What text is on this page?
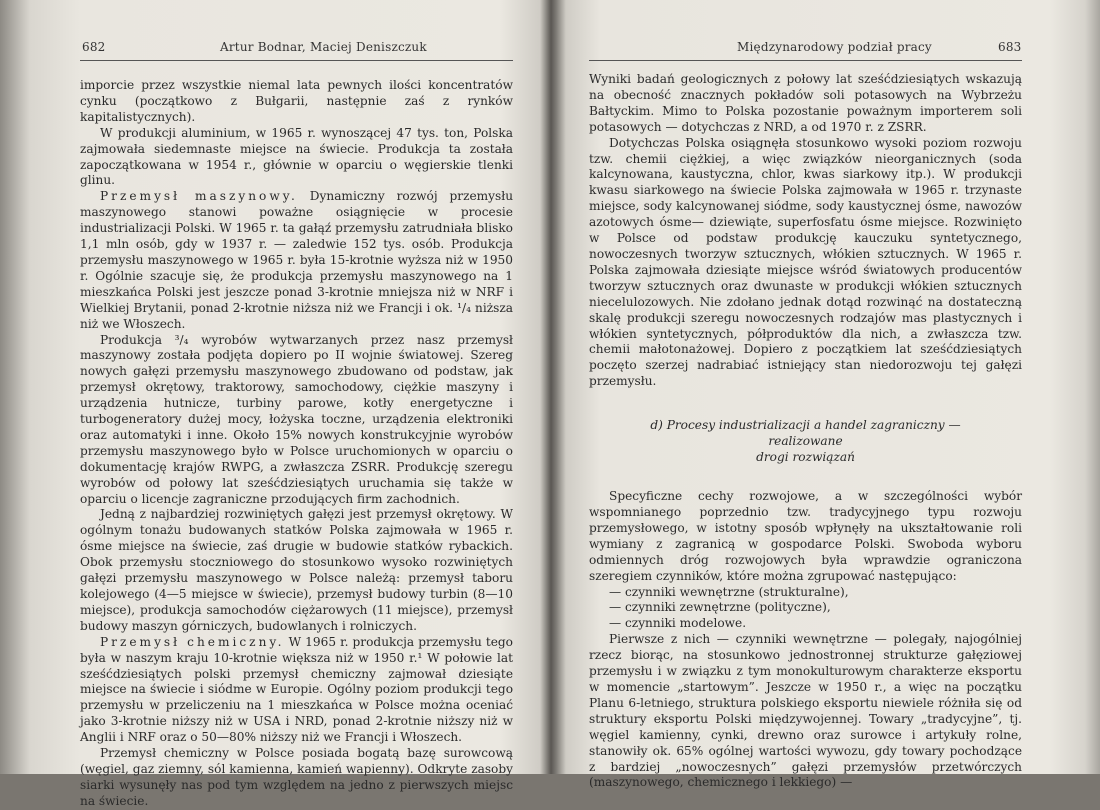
682	Artur Bodnar, Maciej Deniszczuk

imporcie przez wszystkie niemal lata pewnych ilości koncentratów cynku (początkowo z Bułgarii, następnie zaś z rynków kapitalistycznych).

W produkcji aluminium, w 1965 r. wynoszącej 47 tys. ton, Polska zajmowała siedemnaste miejsce na świecie. Produkcja ta została zapoczątkowana w 1954 r., głównie w oparciu o węgierskie tlenki glinu.

Przemysł maszynowy. Dynamiczny rozwój przemysłu maszynowego stanowi poważne osiągnięcie w procesie industrializacji Polski. W 1965 r. ta gałąź przemysłu zatrudniała blisko 1,1 mln osób, gdy w 1937 r. — zaledwie 152 tys. osób. Produkcja przemysłu maszynowego w 1965 r. była 15-krotnie wyższa niż w 1950 r. Ogólnie szacuje się, że produkcja przemysłu maszynowego na 1 mieszkańca Polski jest jeszcze ponad 3-krotnie mniejsza niż w NRF i Wielkiej Brytanii, ponad 2-krotnie niższa niż we Francji i ok. ¹/₄ niższa niż we Włoszech.

Produkcja ³/₄ wyrobów wytwarzanych przez nasz przemysł maszynowy została podjęta dopiero po II wojnie światowej. Szereg nowych gałęzi przemysłu maszynowego zbudowano od podstaw, jak przemysł okrętowy, traktorowy, samochodowy, ciężkie maszyny i urządzenia hutnicze, turbiny parowe, kotły energetyczne i turbogeneratory dużej mocy, łożyska toczne, urządzenia elektroniki oraz automatyki i inne. Około 15% nowych konstrukcyjnie wyrobów przemysłu maszynowego było w Polsce uruchomionych w oparciu o dokumentację krajów RWPG, a zwłaszcza ZSRR. Produkcję szeregu wyrobów od połowy lat sześćdziesiątych uruchamia się także w oparciu o licencje zagraniczne przodujących firm zachodnich.

Jedną z najbardziej rozwiniętych gałęzi jest przemysł okrętowy. W ogólnym tonażu budowanych statków Polska zajmowała w 1965 r. ósme miejsce na świecie, zaś drugie w budowie statków rybackich. Obok przemysłu stoczniowego do stosunkowo wysoko rozwiniętych gałęzi przemysłu maszynowego w Polsce należą: przemysł taboru kolejowego (4—5 miejsce w świecie), przemysł budowy turbin (8—10 miejsce), produkcja samochodów ciężarowych (11 miejsce), przemysł budowy maszyn górniczych, budowlanych i rolniczych.

Przemysł chemiczny. W 1965 r. produkcja przemysłu tego była w naszym kraju 10-krotnie większa niż w 1950 r.¹ W połowie lat sześćdziesiątych polski przemysł chemiczny zajmował dziesiąte miejsce na świecie i siódme w Europie. Ogólny poziom produkcji tego przemysłu w przeliczeniu na 1 mieszkańca w Polsce można oceniać jako 3-krotnie niższy niż w USA i NRD, ponad 2-krotnie niższy niż w Anglii i NRF oraz o 50—80% niższy niż we Francji i Włoszech.

Przemysł chemiczny w Polsce posiada bogatą bazę surowcową (węgiel, gaz ziemny, sól kamienna, kamień wapienny). Odkryte zasoby siarki wysunęły nas pod tym względem na jedno z pierwszych miejsc na świecie.

Międzynarodowy podział pracy	683

Wyniki badań geologicznych z połowy lat sześćdziesiątych wskazują na obecność znacznych pokładów soli potasowych na Wybrzeżu Bałtyckim. Mimo to Polska pozostanie poważnym importerem soli potasowych — dotychczas z NRD, a od 1970 r. z ZSRR.

Dotychczas Polska osiągnęła stosunkowo wysoki poziom rozwoju tzw. chemii ciężkiej, a więc związków nieorganicznych (soda kalcynowana, kaustyczna, chlor, kwas siarkowy itp.). W produkcji kwasu siarkowego na świecie Polska zajmowała w 1965 r. trzynaste miejsce, sody kalcynowanej siódme, sody kaustycznej ósme, nawozów azotowych ósme— dziewiąte, superfosfatu ósme miejsce. Rozwinięto w Polsce od podstaw produkcję kauczuku syntetycznego, nowoczesnych tworzyw sztucznych, włókien sztucznych. W 1965 r. Polska zajmowała dziesiąte miejsce wśród światowych producentów tworzyw sztucznych oraz dwunaste w produkcji włókien sztucznych niecelulozowych. Nie zdołano jednak dotąd rozwinąć na dostateczną skalę produkcji szeregu nowoczesnych rodzajów mas plastycznych i włókien syntetycznych, półproduktów dla nich, a zwłaszcza tzw. chemii małotonażowej. Dopiero z początkiem lat sześćdziesiątych poczęto szerzej nadrabiać istniejący stan niedorozwoju tej gałęzi przemysłu.

d) Procesy industrializacji a handel zagraniczny — realizowane
drogi rozwiązań

Specyficzne cechy rozwojowe, a w szczególności wybór wspomnianego poprzednio tzw. tradycyjnego typu rozwoju przemysłowego, w istotny sposób wpłynęły na ukształtowanie roli wymiany z zagranicą w gospodarce Polski. Swoboda wyboru odmiennych dróg rozwojowych była wprawdzie ograniczona szeregiem czynników, które można zgrupować następująco:

— czynniki wewnętrzne (strukturalne),
— czynniki zewnętrzne (polityczne),
— czynniki modelowe.

Pierwsze z nich — czynniki wewnętrzne — polegały, najogólniej rzecz biorąc, na stosunkowo jednostronnej strukturze gałęziowej przemysłu i w związku z tym monokulturowym charakterze eksportu w momencie „startowym”. Jeszcze w 1950 r., a więc na początku Planu 6-letniego, struktura polskiego eksportu niewiele różniła się od struktury eksportu Polski międzywojennej. Towary „tradycyjne”, tj. węgiel kamienny, cynki, drewno oraz surowce i artykuły rolne, stanowiły ok. 65% ogólnej wartości wywozu, gdy towary pochodzące z bardziej „nowoczesnych” gałęzi przemysłów przetwórczych (maszynowego, chemicznego i lekkiego) —
